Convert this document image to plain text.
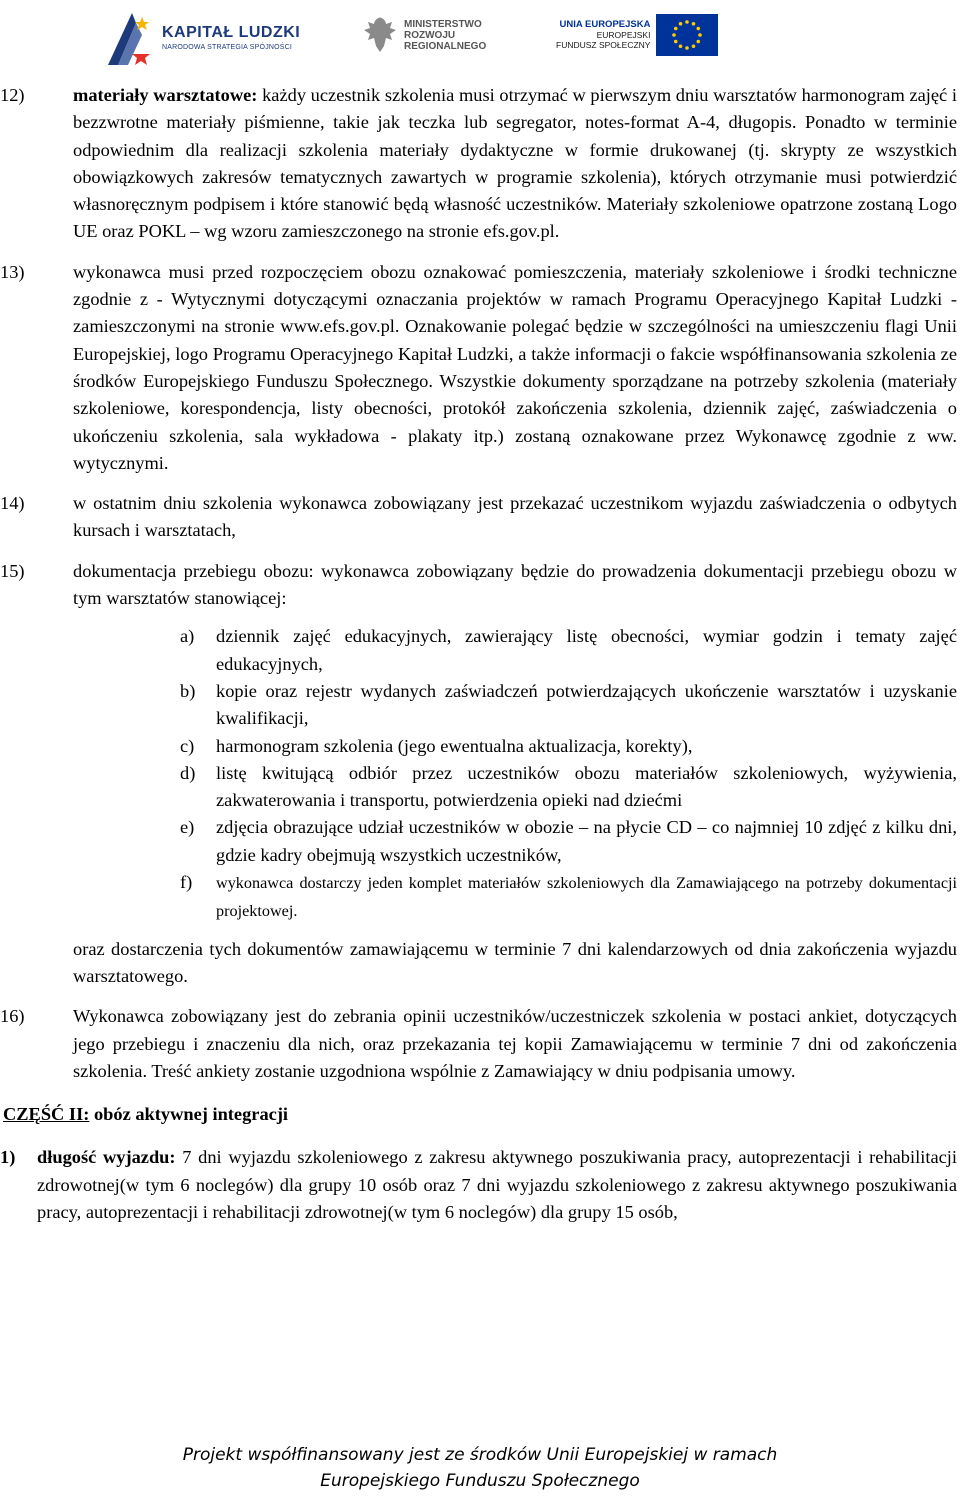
KAPITAŁ LUDZKI
NARODOWA STRATEGIA SPÓJNOŚCI
MINISTERSTWO
ROZWOJU
REGIONALNEGO
UNIA EUROPEJSKA
EUROPEJSKI
FUNDUSZ SPOŁECZNY
12)	materiały warsztatowe: każdy uczestnik szkolenia musi otrzymać w pierwszym dniu warsztatów harmonogram zajęć i bezzwrotne materiały piśmienne, takie jak teczka lub segregator, notes-format A-4, długopis. Ponadto w terminie odpowiednim dla realizacji szkolenia materiały dydaktyczne w formie drukowanej (tj. skrypty ze wszystkich obowiązkowych zakresów tematycznych zawartych w programie szkolenia), których otrzymanie musi potwierdzić własnoręcznym podpisem i które stanowić będą własność uczestników. Materiały szkoleniowe opatrzone zostaną Logo UE oraz POKL – wg wzoru zamieszczonego na stronie efs.gov.pl.
13)	wykonawca musi przed rozpoczęciem obozu oznakować pomieszczenia, materiały szkoleniowe i środki techniczne zgodnie z - Wytycznymi dotyczącymi oznaczania projektów w ramach Programu Operacyjnego Kapitał Ludzki - zamieszczonymi na stronie www.efs.gov.pl. Oznakowanie polegać będzie w szczególności na umieszczeniu flagi Unii Europejskiej, logo Programu Operacyjnego Kapitał Ludzki, a także informacji o fakcie współfinansowania szkolenia ze środków Europejskiego Funduszu Społecznego. Wszystkie dokumenty sporządzane na potrzeby szkolenia (materiały szkoleniowe, korespondencja, listy obecności, protokół zakończenia szkolenia, dziennik zajęć, zaświadczenia o ukończeniu szkolenia, sala wykładowa - plakaty itp.) zostaną oznakowane przez Wykonawcę zgodnie z ww. wytycznymi.
14)	w ostatnim dniu szkolenia wykonawca zobowiązany jest przekazać uczestnikom wyjazdu zaświadczenia o odbytych kursach i warsztatach,
15)	dokumentacja przebiegu obozu: wykonawca zobowiązany będzie do prowadzenia dokumentacji przebiegu obozu w tym warsztatów stanowiącej:
a) dziennik zajęć edukacyjnych, zawierający listę obecności, wymiar godzin i tematy zajęć edukacyjnych,
b) kopie oraz rejestr wydanych zaświadczeń potwierdzających ukończenie warsztatów i uzyskanie kwalifikacji,
c) harmonogram szkolenia (jego ewentualna aktualizacja, korekty),
d) listę kwitującą odbiór przez uczestników obozu materiałów szkoleniowych, wyżywienia, zakwaterowania i transportu, potwierdzenia opieki nad dziećmi
e) zdjęcia obrazujące udział uczestników w obozie – na płycie CD – co najmniej 10 zdjęć z kilku dni, gdzie kadry obejmują wszystkich uczestników,
f) wykonawca dostarczy jeden komplet materiałów szkoleniowych dla Zamawiającego na potrzeby dokumentacji projektowej.
oraz dostarczenia tych dokumentów zamawiającemu w terminie 7 dni kalendarzowych od dnia zakończenia wyjazdu warsztatowego.
16)	Wykonawca zobowiązany jest do zebrania opinii uczestników/uczestniczek szkolenia w postaci ankiet, dotyczących jego przebiegu i znaczeniu dla nich, oraz przekazania tej kopii Zamawiającemu w terminie 7 dni od zakończenia szkolenia. Treść ankiety zostanie uzgodniona wspólnie z Zamawiający w dniu podpisania umowy.
CZĘŚĆ II: obóz aktywnej integracji
1) długość wyjazdu: 7 dni wyjazdu szkoleniowego z zakresu aktywnego poszukiwania pracy, autoprezentacji i rehabilitacji zdrowotnej(w tym 6 noclegów) dla grupy 10 osób oraz 7 dni wyjazdu szkoleniowego z zakresu aktywnego poszukiwania pracy, autoprezentacji i rehabilitacji zdrowotnej(w tym 6 noclegów) dla grupy 15 osób,
Projekt współfinansowany jest ze środków Unii Europejskiej w ramach
Europejskiego Funduszu Społecznego
